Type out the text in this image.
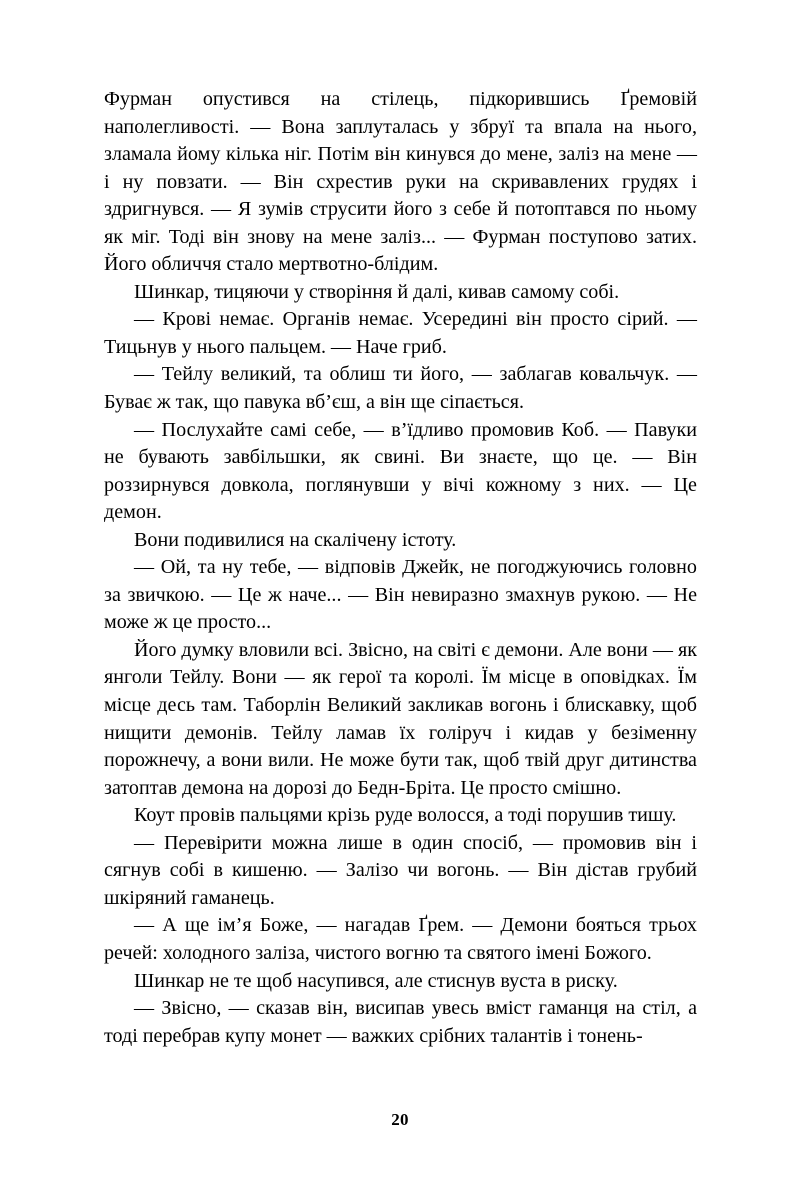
Фурман опустився на стілець, підкорившись Ґремовій наполегливості. — Вона заплуталась у збруї та впала на нього, зламала йому кілька ніг. Потім він кинувся до мене, заліз на мене — і ну повзати. — Він схрестив руки на скривавлених грудях і здригнувся. — Я зумів струсити його з себе й потоптався по ньому як міг. Тоді він знову на мене заліз... — Фурман поступово затих. Його обличчя стало мертвотно-блідим.

Шинкар, тицяючи у створіння й далі, кивав самому собі.

— Крові немає. Органів немає. Усередині він просто сірий. — Тицьнув у нього пальцем. — Наче гриб.

— Тейлу великий, та облиш ти його, — заблагав ковальчук. — Буває ж так, що павука вб’єш, а він ще сіпається.

— Послухайте самі себе, — в’їдливо промовив Коб. — Павуки не бувають завбільшки, як свині. Ви знаєте, що це. — Він роззирнувся довкола, поглянувши у вічі кожному з них. — Це демон.

Вони подивилися на скалічену істоту.

— Ой, та ну тебе, — відповів Джейк, не погоджуючись головно за звичкою. — Це ж наче... — Він невиразно змахнув рукою. — Не може ж це просто...

Його думку вловили всі. Звісно, на світі є демони. Але вони — як янголи Тейлу. Вони — як герої та королі. Їм місце в оповідках. Їм місце десь там. Таборлін Великий закликав вогонь і блискавку, щоб нищити демонів. Тейлу ламав їх голіруч і кидав у безіменну порожнечу, а вони вили. Не може бути так, щоб твій друг дитинства затоптав демона на дорозі до Бедн-Бріта. Це просто смішно.

Коут провів пальцями крізь руде волосся, а тоді порушив тишу.

— Перевірити можна лише в один спосіб, — промовив він і сягнув собі в кишеню. — Залізо чи вогонь. — Він дістав грубий шкіряний гаманець.

— А ще ім’я Боже, — нагадав Ґрем. — Демони бояться трьох речей: холодного заліза, чистого вогню та святого імені Божого.

Шинкар не те щоб насупився, але стиснув вуста в риску.

— Звісно, — сказав він, висипав увесь вміст гаманця на стіл, а тоді перебрав купу монет — важких срібних талантів і тонень-

20
